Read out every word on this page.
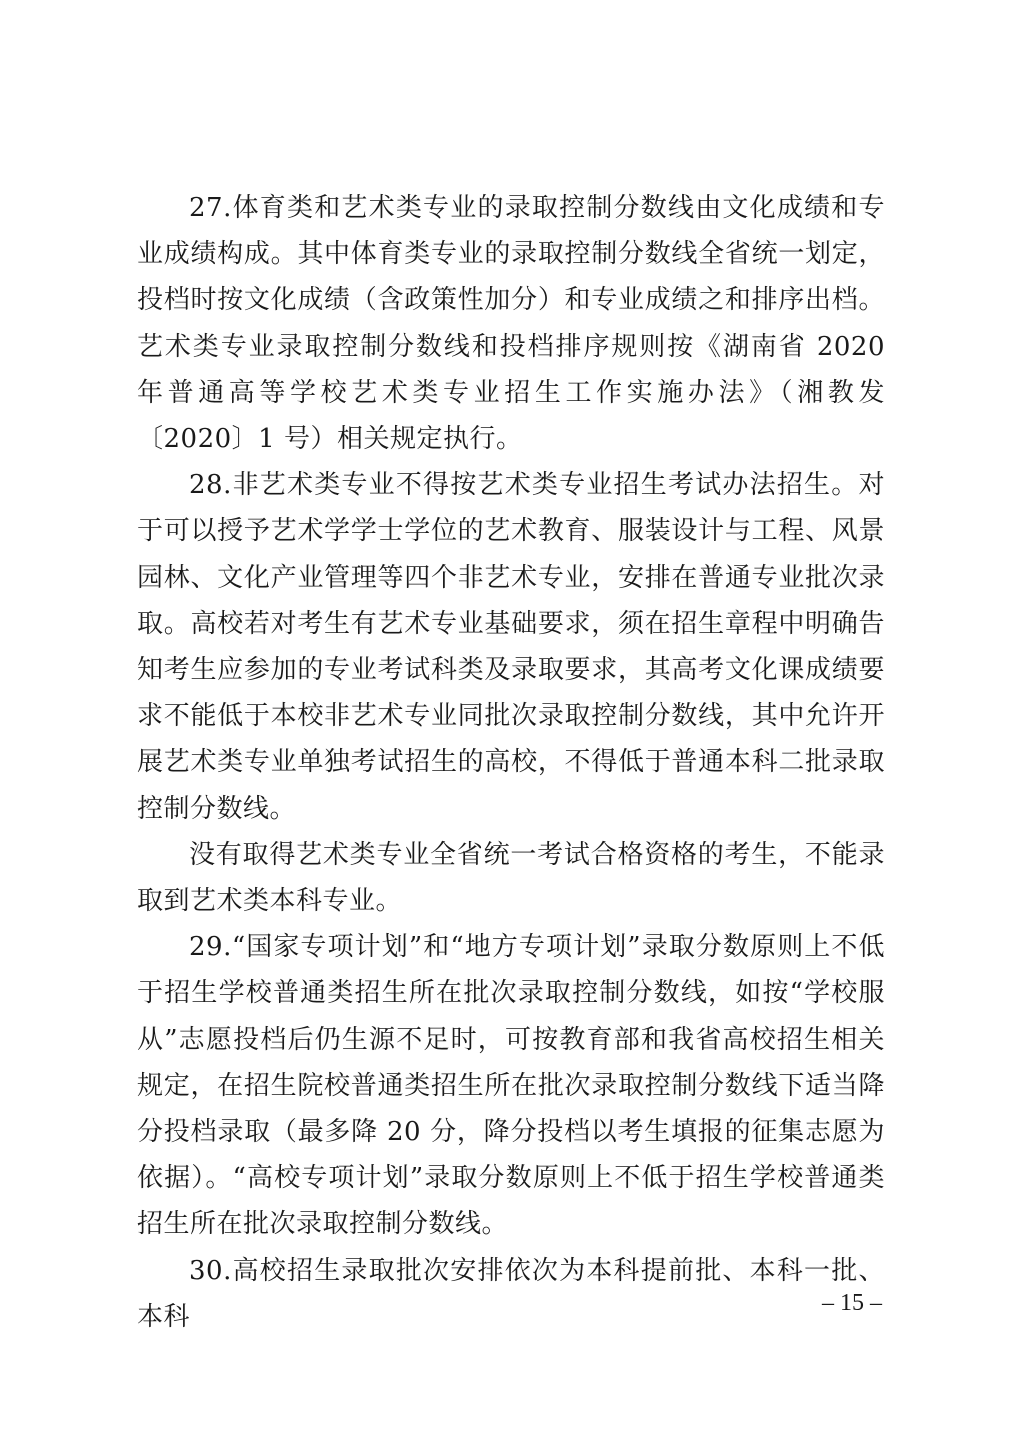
27.体育类和艺术类专业的录取控制分数线由文化成绩和专业成绩构成。其中体育类专业的录取控制分数线全省统一划定，投档时按文化成绩（含政策性加分）和专业成绩之和排序出档。艺术类专业录取控制分数线和投档排序规则按《湖南省 2020 年普通高等学校艺术类专业招生工作实施办法》（湘教发〔2020〕1 号）相关规定执行。

28.非艺术类专业不得按艺术类专业招生考试办法招生。对于可以授予艺术学学士学位的艺术教育、服装设计与工程、风景园林、文化产业管理等四个非艺术专业，安排在普通专业批次录取。高校若对考生有艺术专业基础要求，须在招生章程中明确告知考生应参加的专业考试科类及录取要求，其高考文化课成绩要求不能低于本校非艺术专业同批次录取控制分数线，其中允许开展艺术类专业单独考试招生的高校，不得低于普通本科二批录取控制分数线。

没有取得艺术类专业全省统一考试合格资格的考生，不能录取到艺术类本科专业。

29.“国家专项计划”和“地方专项计划”录取分数原则上不低于招生学校普通类招生所在批次录取控制分数线，如按“学校服从”志愿投档后仍生源不足时，可按教育部和我省高校招生相关规定，在招生院校普通类招生所在批次录取控制分数线下适当降分投档录取（最多降 20 分，降分投档以考生填报的征集志愿为依据）。“高校专项计划”录取分数原则上不低于招生学校普通类招生所在批次录取控制分数线。

30.高校招生录取批次安排依次为本科提前批、本科一批、本科	– 15 –
